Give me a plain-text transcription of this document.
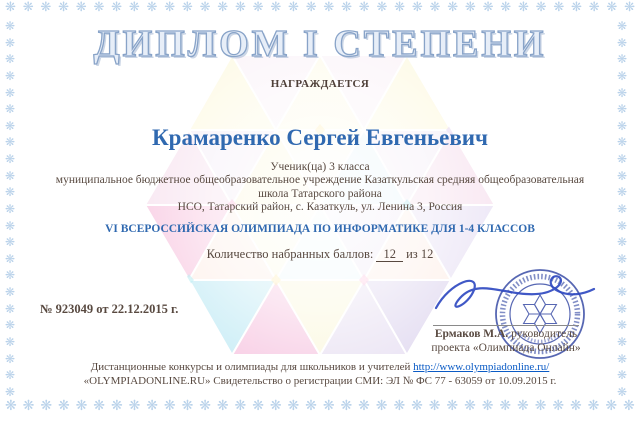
❋ ❋ ❋ ❋ ❋ ❋ ❋ ❋ ❋ ❋ ❋ ❋ ❋ ❋ ❋ ❋ ❋ ❋ ❋ ❋ ❋ ❋ ❋ ❋ ❋ ❋ ❋ ❋ ❋ ❋ ❋ ❋ ❋ ❋ ❋ ❋
❋ ❋ ❋ ❋ ❋ ❋ ❋ ❋ ❋ ❋ ❋ ❋ ❋ ❋ ❋ ❋ ❋ ❋ ❋ ❋ ❋ ❋ ❋ ❋ ❋ ❋ ❋ ❋ ❋ ❋ ❋ ❋ ❋ ❋ ❋ ❋
❋
❋
❋
❋
❋
❋
❋
❋
❋
❋
❋
❋
❋
❋
❋
❋
❋
❋
❋
❋
❋
❋
❋
❋
❋
❋
❋
❋
❋
❋
❋
❋
❋
❋
❋
❋
❋
❋
❋
❋
❋
❋
❋
❋
❋
❋
ДИПЛОМ I СТЕПЕНИ
НАГРАЖДАЕТСЯ
Крамаренко Сергей Евгеньевич
Ученик(ца) 3 класса
муниципальное бюджетное общеобразовательное учреждение Казаткульская средняя общеобразовательная школа Татарского района
НСО, Татарский район, с. Казаткуль, ул. Ленина 3, Россия
VI ВСЕРОССИЙСКАЯ ОЛИМПИАДА ПО ИНФОРМАТИКЕ ДЛЯ 1-4 КЛАССОВ
Количество набранных баллов: 12 из 12
№ 923049 от 22.12.2015 г.
Ермаков М.А. руководитель
проекта «Олимпиада Онлайн»
Дистанционные конкурсы и олимпиады для школьников и учителей http://www.olympiadonline.ru/
«OLYMPIADONLINE.RU» Свидетельство о регистрации СМИ: ЭЛ № ФС 77 - 63059 от 10.09.2015 г.
